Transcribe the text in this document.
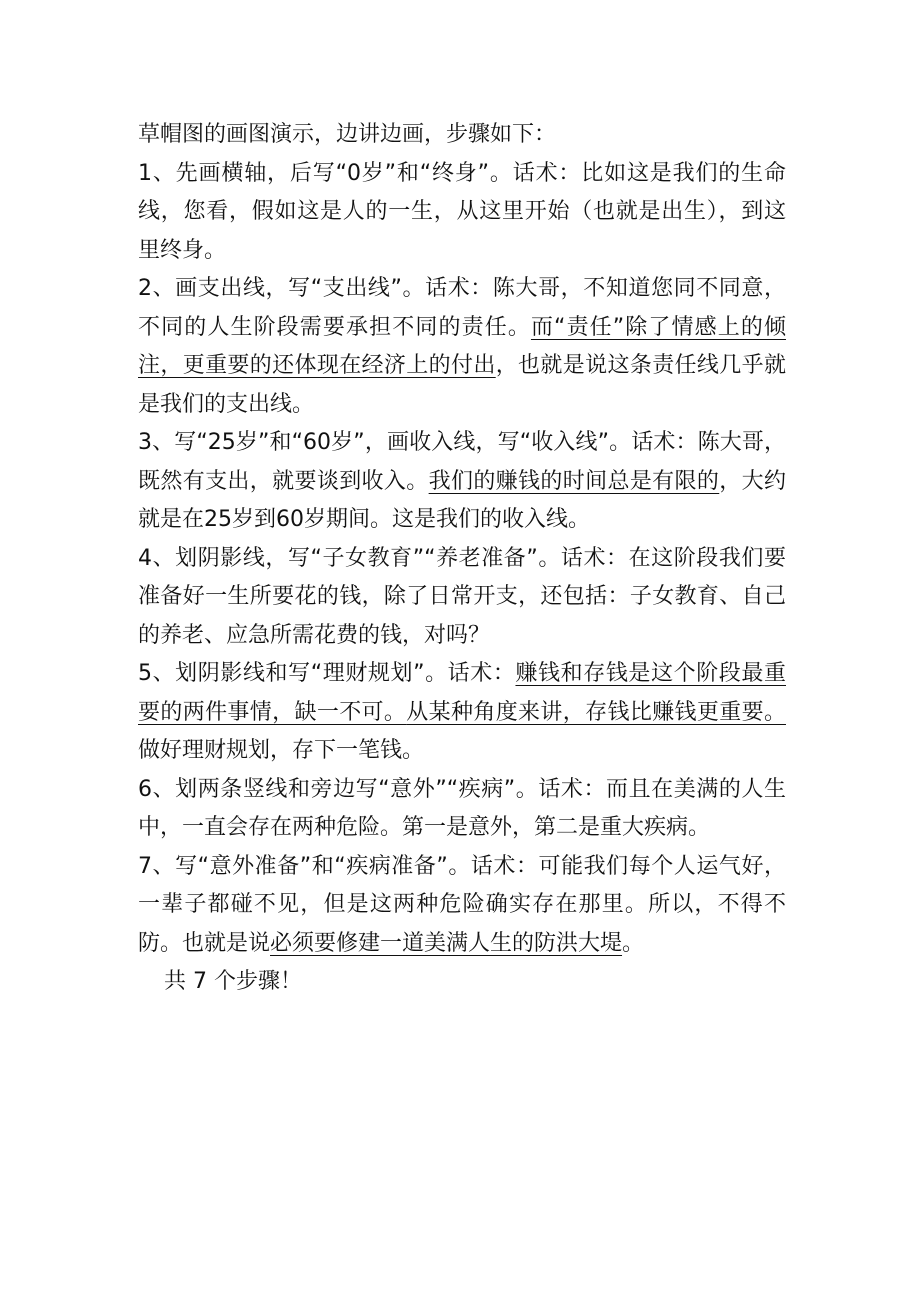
草帽图的画图演示，边讲边画，步骤如下：

1、先画横轴，后写“0岁”和“终身”。话术：比如这是我们的生命线，您看，假如这是人的一生，从这里开始（也就是出生），到这里终身。

2、画支出线，写“支出线”。话术：陈大哥，不知道您同不同意，不同的人生阶段需要承担不同的责任。而“责任”除了情感上的倾注，更重要的还体现在经济上的付出，也就是说这条责任线几乎就是我们的支出线。

3、写“25岁”和“60岁”，画收入线，写“收入线”。话术：陈大哥，既然有支出，就要谈到收入。我们的赚钱的时间总是有限的，大约就是在25岁到60岁期间。这是我们的收入线。

4、划阴影线，写“子女教育”“养老准备”。话术：在这阶段我们要准备好一生所要花的钱，除了日常开支，还包括：子女教育、自己的养老、应急所需花费的钱，对吗？

5、划阴影线和写“理财规划”。话术：赚钱和存钱是这个阶段最重要的两件事情，缺一不可。从某种角度来讲，存钱比赚钱更重要。做好理财规划，存下一笔钱。

6、划两条竖线和旁边写“意外”“疾病”。话术：而且在美满的人生中，一直会存在两种危险。第一是意外，第二是重大疾病。

7、写“意外准备”和“疾病准备”。话术：可能我们每个人运气好，一辈子都碰不见，但是这两种危险确实存在那里。所以，不得不防。也就是说必须要修建一道美满人生的防洪大堤。

共 7 个步骤！
